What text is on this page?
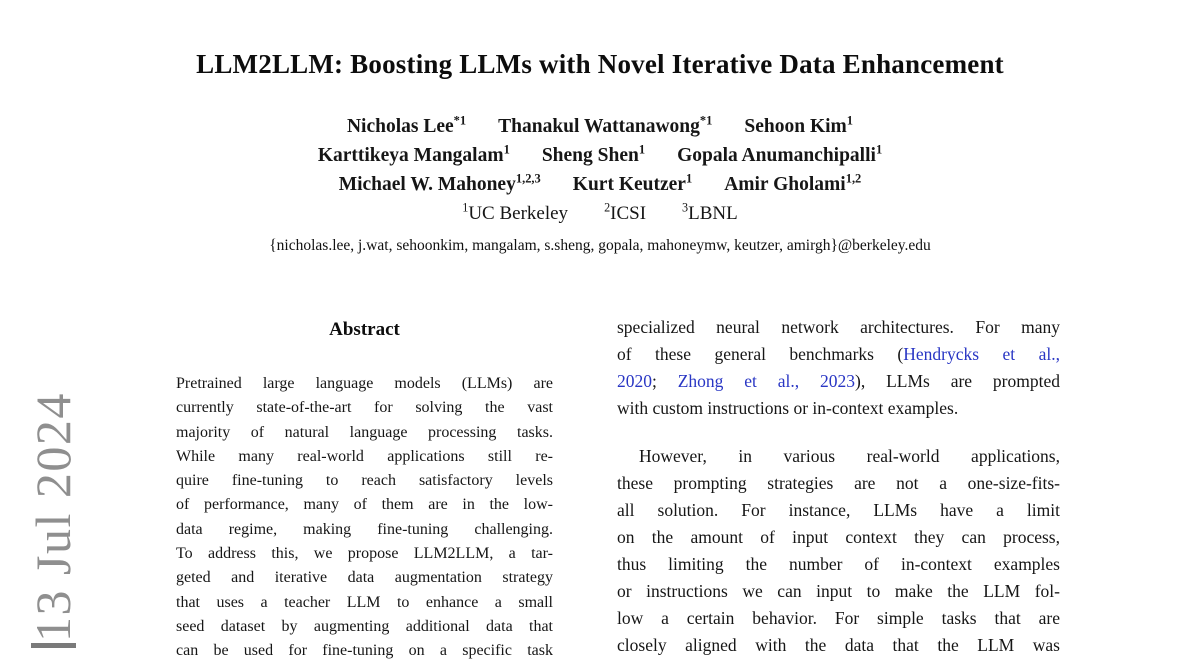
LLM2LLM: Boosting LLMs with Novel Iterative Data Enhancement
Nicholas Lee$^{*1}$ Thanakul Wattanawong$^{*1}$ Sehoon Kim$^1$
Karttikeya Mangalam$^1$ Sheng Shen$^1$ Gopala Anumanchipalli$^1$
Michael W. Mahoney$^{1,2,3}$ Kurt Keutzer$^1$ Amir Gholami$^{1,2}$
$^1$UC Berkeley	$^2$ICSI	$^3$LBNL
{nicholas.lee, j.wat, sehoonkim, mangalam, s.sheng, gopala, mahoneymw, keutzer, amirgh}@berkeley.edu
Abstract
Pretrained large language models (LLMs) are
currently state-of-the-art for solving the vast
majority of natural language processing tasks.
While many real-world applications still re-
quire fine-tuning to reach satisfactory levels
of performance, many of them are in the low-
data regime, making fine-tuning challenging.
To address this, we propose LLM2LLM, a tar-
geted and iterative data augmentation strategy
that uses a teacher LLM to enhance a small
seed dataset by augmenting additional data that
can be used for fine-tuning on a specific task
specialized neural network architectures. For many
of these general benchmarks (Hendrycks et al.,
2020; Zhong et al., 2023), LLMs are prompted
with custom instructions or in-context examples.
However, in various real-world applications,
these prompting strategies are not a one-size-fits-
all solution. For instance, LLMs have a limit
on the amount of input context they can process,
thus limiting the number of in-context examples
or instructions we can input to make the LLM fol-
low a certain behavior. For simple tasks that are
closely aligned with the data that the LLM was
13 Jul 2024
